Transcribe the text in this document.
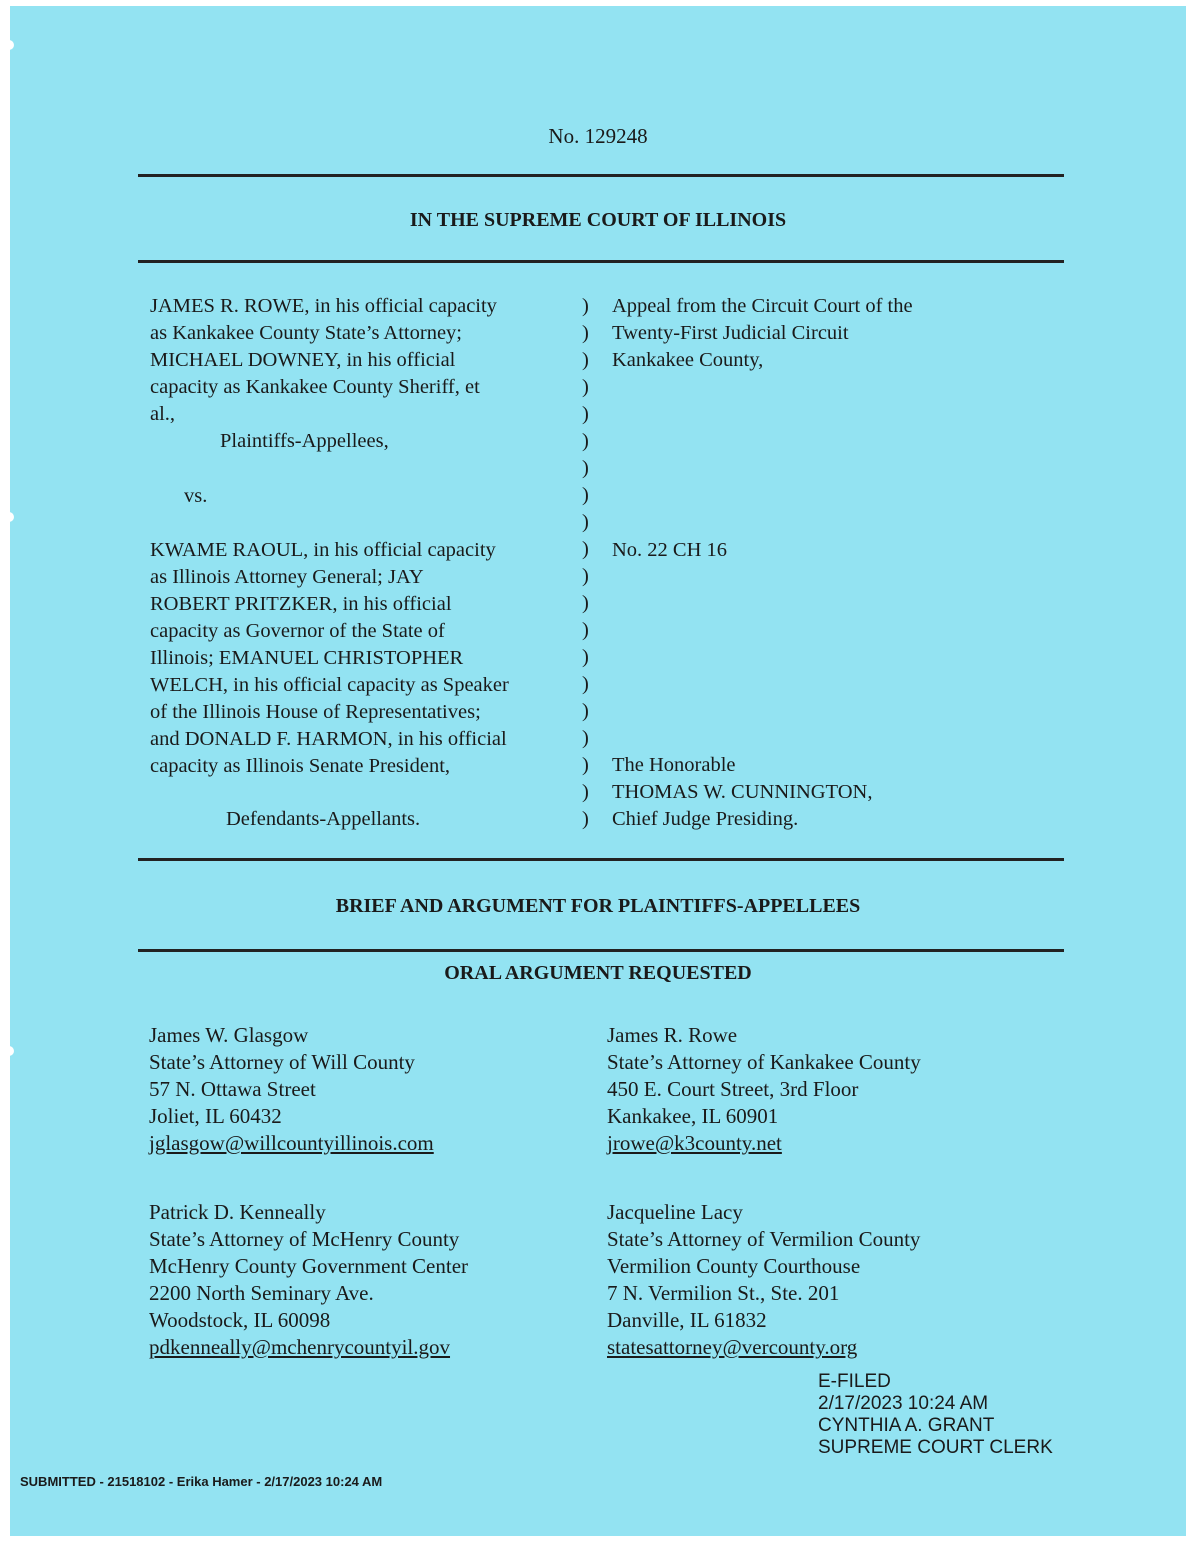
No. 129248
IN THE SUPREME COURT OF ILLINOIS
JAMES R. ROWE, in his official capacity
as Kankakee County State’s Attorney;
MICHAEL DOWNEY, in his official
capacity as Kankakee County Sheriff, et
al.,
Plaintiffs-Appellees,
vs.
KWAME RAOUL, in his official capacity
as Illinois Attorney General; JAY
ROBERT PRITZKER, in his official
capacity as Governor of the State of
Illinois; EMANUEL CHRISTOPHER
WELCH, in his official capacity as Speaker
of the Illinois House of Representatives;
and DONALD F. HARMON, in his official
capacity as Illinois Senate President,
Defendants-Appellants.
)
)
)
)
)
)
)
)
)
)
)
)
)
)
)
)
)
)
)
)
Appeal from the Circuit Court of the
Twenty-First Judicial Circuit
Kankakee County,
No. 22 CH 16
The Honorable
THOMAS W. CUNNINGTON,
Chief Judge Presiding.
BRIEF AND ARGUMENT FOR PLAINTIFFS-APPELLEES
ORAL ARGUMENT REQUESTED
James W. Glasgow
State’s Attorney of Will County
57 N. Ottawa Street
Joliet, IL 60432
jglasgow@willcountyillinois.com
James R. Rowe
State’s Attorney of Kankakee County
450 E. Court Street, 3rd Floor
Kankakee, IL 60901
jrowe@k3county.net
Patrick D. Kenneally
State’s Attorney of McHenry County
McHenry County Government Center
2200 North Seminary Ave.
Woodstock, IL 60098
pdkenneally@mchenrycountyil.gov
Jacqueline Lacy
State’s Attorney of Vermilion County
Vermilion County Courthouse
7 N. Vermilion St., Ste. 201
Danville, IL 61832
statesattorney@vercounty.org
E-FILED
2/17/2023 10:24 AM
CYNTHIA A. GRANT
SUPREME COURT CLERK
SUBMITTED - 21518102 - Erika Hamer - 2/17/2023 10:24 AM
